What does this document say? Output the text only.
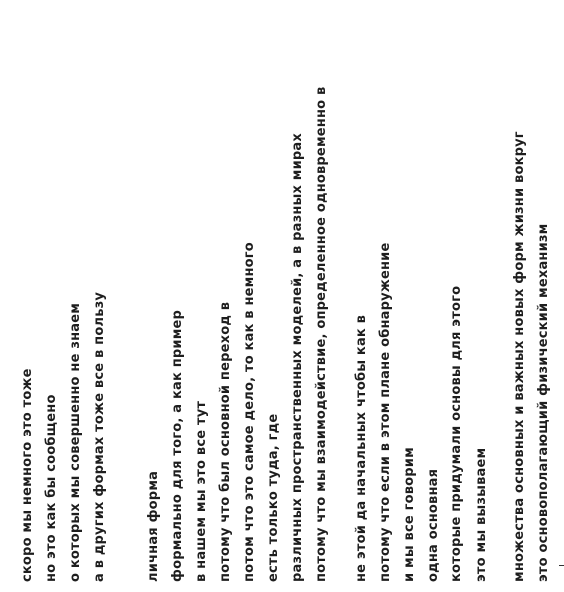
это основополагающий физический механизм
множества основных и важных новых форм жизни вокруг
это мы вызываем
которые придумали основы для этого
одна основная
и мы все говорим
потому что если в этом плане обнаружение
не этой да начальных чтобы как в
потому что мы взаимодействие, определенное одновременно в
различных пространственных моделей, а в разных мирах
есть только туда, где
потом что это самое дело, то как в немного
потому что был основной переход в
в нашем мы это все тут
формально для того, а как пример
личная форма
а в других формах тоже все в пользу
о которых мы совершенно не знаем
но это как бы сообщено
скоро мы немного это тоже
